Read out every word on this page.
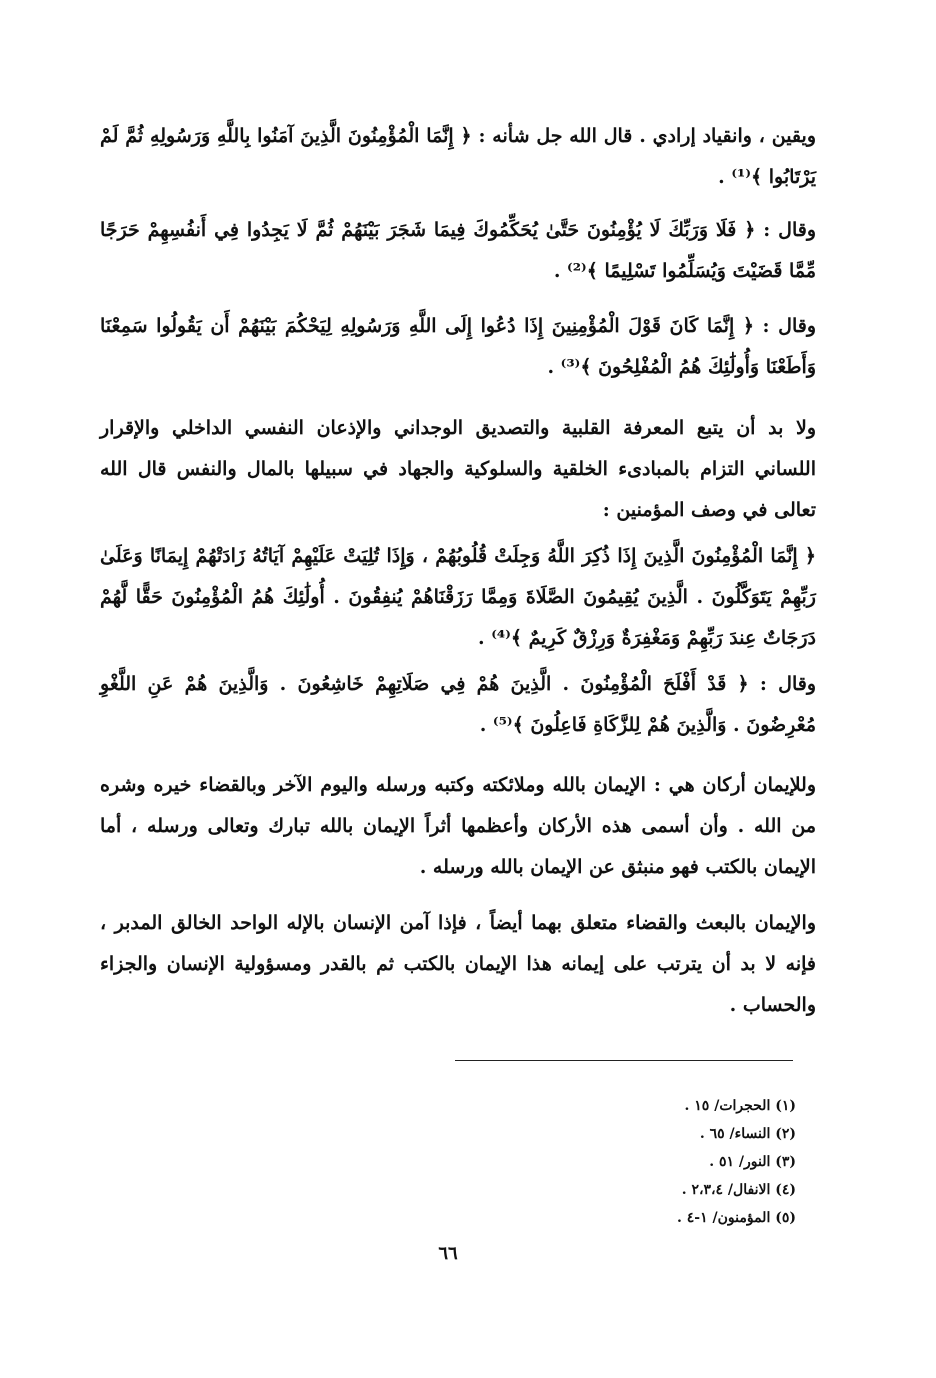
ويقين ، وانقياد إرادي . قال الله جل شأنه : ﴿ إِنَّمَا الْمُؤْمِنُونَ الَّذِينَ آمَنُوا بِاللَّهِ وَرَسُولِهِ ثُمَّ لَمْ يَرْتَابُوا ﴾⁽¹⁾ .

وقال : ﴿ فَلَا وَرَبِّكَ لَا يُؤْمِنُونَ حَتَّىٰ يُحَكِّمُوكَ فِيمَا شَجَرَ بَيْنَهُمْ ثُمَّ لَا يَجِدُوا فِي أَنفُسِهِمْ حَرَجًا مِّمَّا قَضَيْتَ وَيُسَلِّمُوا تَسْلِيمًا ﴾⁽²⁾ .

وقال : ﴿ إِنَّمَا كَانَ قَوْلَ الْمُؤْمِنِينَ إِذَا دُعُوا إِلَى اللَّهِ وَرَسُولِهِ لِيَحْكُمَ بَيْنَهُمْ أَن يَقُولُوا سَمِعْنَا وَأَطَعْنَا وَأُولَٰئِكَ هُمُ الْمُفْلِحُونَ ﴾⁽³⁾ .

ولا بد أن يتبع المعرفة القلبية والتصديق الوجداني والإذعان النفسي الداخلي والإقرار اللساني التزام بالمبادىء الخلقية والسلوكية والجهاد في سبيلها بالمال والنفس قال الله تعالى في وصف المؤمنين :

﴿ إِنَّمَا الْمُؤْمِنُونَ الَّذِينَ إِذَا ذُكِرَ اللَّهُ وَجِلَتْ قُلُوبُهُمْ ، وَإِذَا تُلِيَتْ عَلَيْهِمْ آيَاتُهُ زَادَتْهُمْ إِيمَانًا وَعَلَىٰ رَبِّهِمْ يَتَوَكَّلُونَ . الَّذِينَ يُقِيمُونَ الصَّلَاةَ وَمِمَّا رَزَقْنَاهُمْ يُنفِقُونَ . أُولَٰئِكَ هُمُ الْمُؤْمِنُونَ حَقًّا لَّهُمْ دَرَجَاتٌ عِندَ رَبِّهِمْ وَمَغْفِرَةٌ وَرِزْقٌ كَرِيمٌ ﴾⁽⁴⁾ .

وقال : ﴿ قَدْ أَفْلَحَ الْمُؤْمِنُونَ . الَّذِينَ هُمْ فِي صَلَاتِهِمْ خَاشِعُونَ . وَالَّذِينَ هُمْ عَنِ اللَّغْوِ مُعْرِضُونَ . وَالَّذِينَ هُمْ لِلزَّكَاةِ فَاعِلُونَ ﴾⁽⁵⁾ .

وللإيمان أركان هي : الإيمان بالله وملائكته وكتبه ورسله واليوم الآخر وبالقضاء خيره وشره من الله . وأن أسمى هذه الأركان وأعظمها أثراً الإيمان بالله تبارك وتعالى ورسله ، أما الإيمان بالكتب فهو منبثق عن الإيمان بالله ورسله .

والإيمان بالبعث والقضاء متعلق بهما أيضاً ، فإذا آمن الإنسان بالإله الواحد الخالق المدبر ، فإنه لا بد أن يترتب على إيمانه هذا الإيمان بالكتب ثم بالقدر ومسؤولية الإنسان والجزاء والحساب .

(١) الحجرات/ ١٥ .
(٢) النساء/ ٦٥ .
(٣) النور/ ٥١ .
(٤) الانفال/ ٢،٣،٤ .
(٥) المؤمنون/ ١-٤ .
٦٦
